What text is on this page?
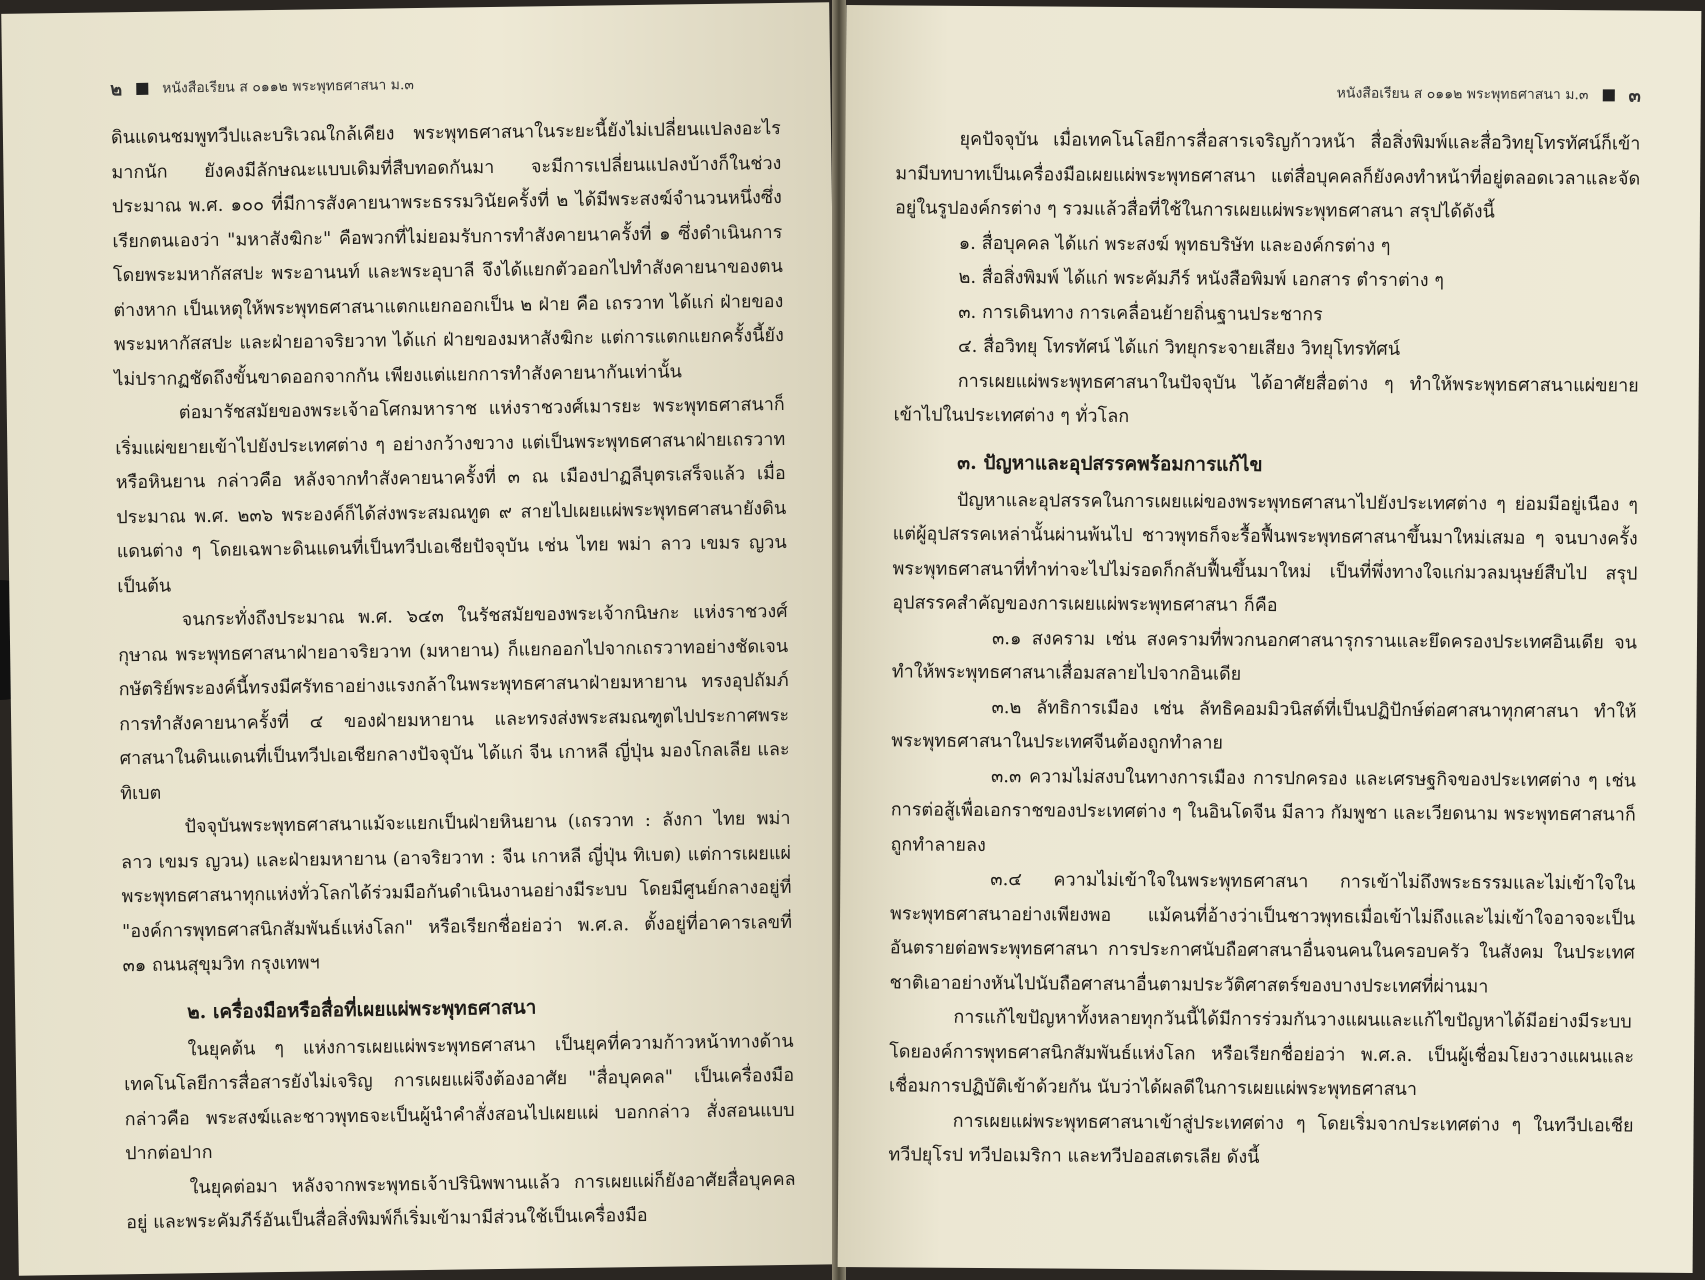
๒	หนังสือเรียน ส ๐๑๑๒ พระพุทธศาสนา ม.๓

ดินแดนชมพูทวีปและบริเวณใกล้เคียง พระพุทธศาสนาในระยะนี้ยังไม่เปลี่ยนแปลงอะไรมากนัก ยังคงมีลักษณะแบบเดิมที่สืบทอดกันมา จะมีการเปลี่ยนแปลงบ้างก็ในช่วงประมาณ พ.ศ. ๑๐๐ ที่มีการสังคายนาพระธรรมวินัยครั้งที่ ๒ ได้มีพระสงฆ์จำนวนหนึ่งซึ่งเรียกตนเองว่า "มหาสังฆิกะ" คือพวกที่ไม่ยอมรับการทำสังคายนาครั้งที่ ๑ ซึ่งดำเนินการโดยพระมหากัสสปะ พระอานนท์ และพระอุบาลี จึงได้แยกตัวออกไปทำสังคายนาของตนต่างหาก เป็นเหตุให้พระพุทธศาสนาแตกแยกออกเป็น ๒ ฝ่าย คือ เถรวาท ได้แก่ ฝ่ายของพระมหากัสสปะ และฝ่ายอาจริยวาท ได้แก่ ฝ่ายของมหาสังฆิกะ แต่การแตกแยกครั้งนี้ยังไม่ปรากฏชัดถึงขั้นขาดออกจากกัน เพียงแต่แยกการทำสังคายนากันเท่านั้น

ต่อมารัชสมัยของพระเจ้าอโศกมหาราช แห่งราชวงศ์เมารยะ พระพุทธศาสนาก็เริ่มแผ่ขยายเข้าไปยังประเทศต่าง ๆ อย่างกว้างขวาง แต่เป็นพระพุทธศาสนาฝ่ายเถรวาทหรือหินยาน กล่าวคือ หลังจากทำสังคายนาครั้งที่ ๓ ณ เมืองปาฏลีบุตรเสร็จแล้ว เมื่อประมาณ พ.ศ. ๒๓๖ พระองค์ก็ได้ส่งพระสมณทูต ๙ สายไปเผยแผ่พระพุทธศาสนายังดินแดนต่าง ๆ โดยเฉพาะดินแดนที่เป็นทวีปเอเชียปัจจุบัน เช่น ไทย พม่า ลาว เขมร ญวน เป็นต้น

จนกระทั่งถึงประมาณ พ.ศ. ๖๔๓ ในรัชสมัยของพระเจ้ากนิษกะ แห่งราชวงศ์กุษาณ พระพุทธศาสนาฝ่ายอาจริยวาท (มหายาน) ก็แยกออกไปจากเถรวาทอย่างชัดเจน กษัตริย์พระองค์นี้ทรงมีศรัทธาอย่างแรงกล้าในพระพุทธศาสนาฝ่ายมหายาน ทรงอุปถัมภ์การทำสังคายนาครั้งที่ ๔ ของฝ่ายมหายาน และทรงส่งพระสมณฑูตไปประกาศพระศาสนาในดินแดนที่เป็นทวีปเอเชียกลางปัจจุบัน ได้แก่ จีน เกาหลี ญี่ปุ่น มองโกลเลีย และทิเบต

ปัจจุบันพระพุทธศาสนาแม้จะแยกเป็นฝ่ายหินยาน (เถรวาท : ลังกา ไทย พม่า ลาว เขมร ญวน) และฝ่ายมหายาน (อาจริยวาท : จีน เกาหลี ญี่ปุ่น ทิเบต) แต่การเผยแผ่พระพุทธศาสนาทุกแห่งทั่วโลกได้ร่วมมือกันดำเนินงานอย่างมีระบบ โดยมีศูนย์กลางอยู่ที่ "องค์การพุทธศาสนิกสัมพันธ์แห่งโลก" หรือเรียกชื่อย่อว่า พ.ศ.ล. ตั้งอยู่ที่อาคารเลขที่ ๓๑ ถนนสุขุมวิท กรุงเทพฯ

๒. เครื่องมือหรือสื่อที่เผยแผ่พระพุทธศาสนา

ในยุคต้น ๆ แห่งการเผยแผ่พระพุทธศาสนา เป็นยุคที่ความก้าวหน้าทางด้านเทคโนโลยีการสื่อสารยังไม่เจริญ การเผยแผ่จึงต้องอาศัย "สื่อบุคคล" เป็นเครื่องมือ กล่าวคือ พระสงฆ์และชาวพุทธจะเป็นผู้นำคำสั่งสอนไปเผยแผ่ บอกกล่าว สั่งสอนแบบปากต่อปาก

ในยุคต่อมา หลังจากพระพุทธเจ้าปรินิพพานแล้ว การเผยแผ่ก็ยังอาศัยสื่อบุคคลอยู่ และพระคัมภีร์อันเป็นสื่อสิ่งพิมพ์ก็เริ่มเข้ามามีส่วนใช้เป็นเครื่องมือ

หนังสือเรียน ส ๐๑๑๒ พระพุทธศาสนา ม.๓ ๓

ยุคปัจจุบัน เมื่อเทคโนโลยีการสื่อสารเจริญก้าวหน้า สื่อสิ่งพิมพ์และสื่อวิทยุโทรทัศน์ก็เข้ามามีบทบาทเป็นเครื่องมือเผยแผ่พระพุทธศาสนา แต่สื่อบุคคลก็ยังคงทำหน้าที่อยู่ตลอดเวลาและจัดอยู่ในรูปองค์กรต่าง ๆ รวมแล้วสื่อที่ใช้ในการเผยแผ่พระพุทธศาสนา สรุปได้ดังนี้

๑. สื่อบุคคล ได้แก่ พระสงฆ์ พุทธบริษัท และองค์กรต่าง ๆ

๒. สื่อสิ่งพิมพ์ ได้แก่ พระคัมภีร์ หนังสือพิมพ์ เอกสาร ตำราต่าง ๆ

๓. การเดินทาง การเคลื่อนย้ายถิ่นฐานประชากร

๔. สื่อวิทยุ โทรทัศน์ ได้แก่ วิทยุกระจายเสียง วิทยุโทรทัศน์

การเผยแผ่พระพุทธศาสนาในปัจจุบัน ได้อาศัยสื่อต่าง ๆ ทำให้พระพุทธศาสนาแผ่ขยายเข้าไปในประเทศต่าง ๆ ทั่วโลก

๓. ปัญหาและอุปสรรคพร้อมการแก้ไข

ปัญหาและอุปสรรคในการเผยแผ่ของพระพุทธศาสนาไปยังประเทศต่าง ๆ ย่อมมีอยู่เนือง ๆ แต่ผู้อุปสรรคเหล่านั้นผ่านพ้นไป ชาวพุทธก็จะรื้อฟื้นพระพุทธศาสนาขึ้นมาใหม่เสมอ ๆ จนบางครั้งพระพุทธศาสนาที่ทำท่าจะไปไม่รอดก็กลับฟื้นขึ้นมาใหม่ เป็นที่พึ่งทางใจแก่มวลมนุษย์สืบไป สรุปอุปสรรคสำคัญของการเผยแผ่พระพุทธศาสนา ก็คือ

๓.๑ สงคราม เช่น สงครามที่พวกนอกศาสนารุกรานและยึดครองประเทศอินเดีย จนทำให้พระพุทธศาสนาเสื่อมสลายไปจากอินเดีย

๓.๒ ลัทธิการเมือง เช่น ลัทธิคอมมิวนิสต์ที่เป็นปฏิปักษ์ต่อศาสนาทุกศาสนา ทำให้พระพุทธศาสนาในประเทศจีนต้องถูกทำลาย

๓.๓ ความไม่สงบในทางการเมือง การปกครอง และเศรษฐกิจของประเทศต่าง ๆ เช่น การต่อสู้เพื่อเอกราชของประเทศต่าง ๆ ในอินโดจีน มีลาว กัมพูชา และเวียดนาม พระพุทธศาสนาก็ถูกทำลายลง

๓.๔ ความไม่เข้าใจในพระพุทธศาสนา การเข้าไม่ถึงพระธรรมและไม่เข้าใจในพระพุทธศาสนาอย่างเพียงพอ แม้คนที่อ้างว่าเป็นชาวพุทธเมื่อเข้าไม่ถึงและไม่เข้าใจอาจจะเป็นอันตรายต่อพระพุทธศาสนา การประกาศนับถือศาสนาอื่นจนคนในครอบครัว ในสังคม ในประเทศชาติเอาอย่างหันไปนับถือศาสนาอื่นตามประวัติศาสตร์ของบางประเทศที่ผ่านมา

การแก้ไขปัญหาทั้งหลายทุกวันนี้ได้มีการร่วมกันวางแผนและแก้ไขปัญหาได้มีอย่างมีระบบ โดยองค์การพุทธศาสนิกสัมพันธ์แห่งโลก หรือเรียกชื่อย่อว่า พ.ศ.ล. เป็นผู้เชื่อมโยงวางแผนและเชื่อมการปฏิบัติเข้าด้วยกัน นับว่าได้ผลดีในการเผยแผ่พระพุทธศาสนา

การเผยแผ่พระพุทธศาสนาเข้าสู่ประเทศต่าง ๆ โดยเริ่มจากประเทศต่าง ๆ ในทวีปเอเชีย ทวีปยุโรป ทวีปอเมริกา และทวีปออสเตรเลีย ดังนี้
